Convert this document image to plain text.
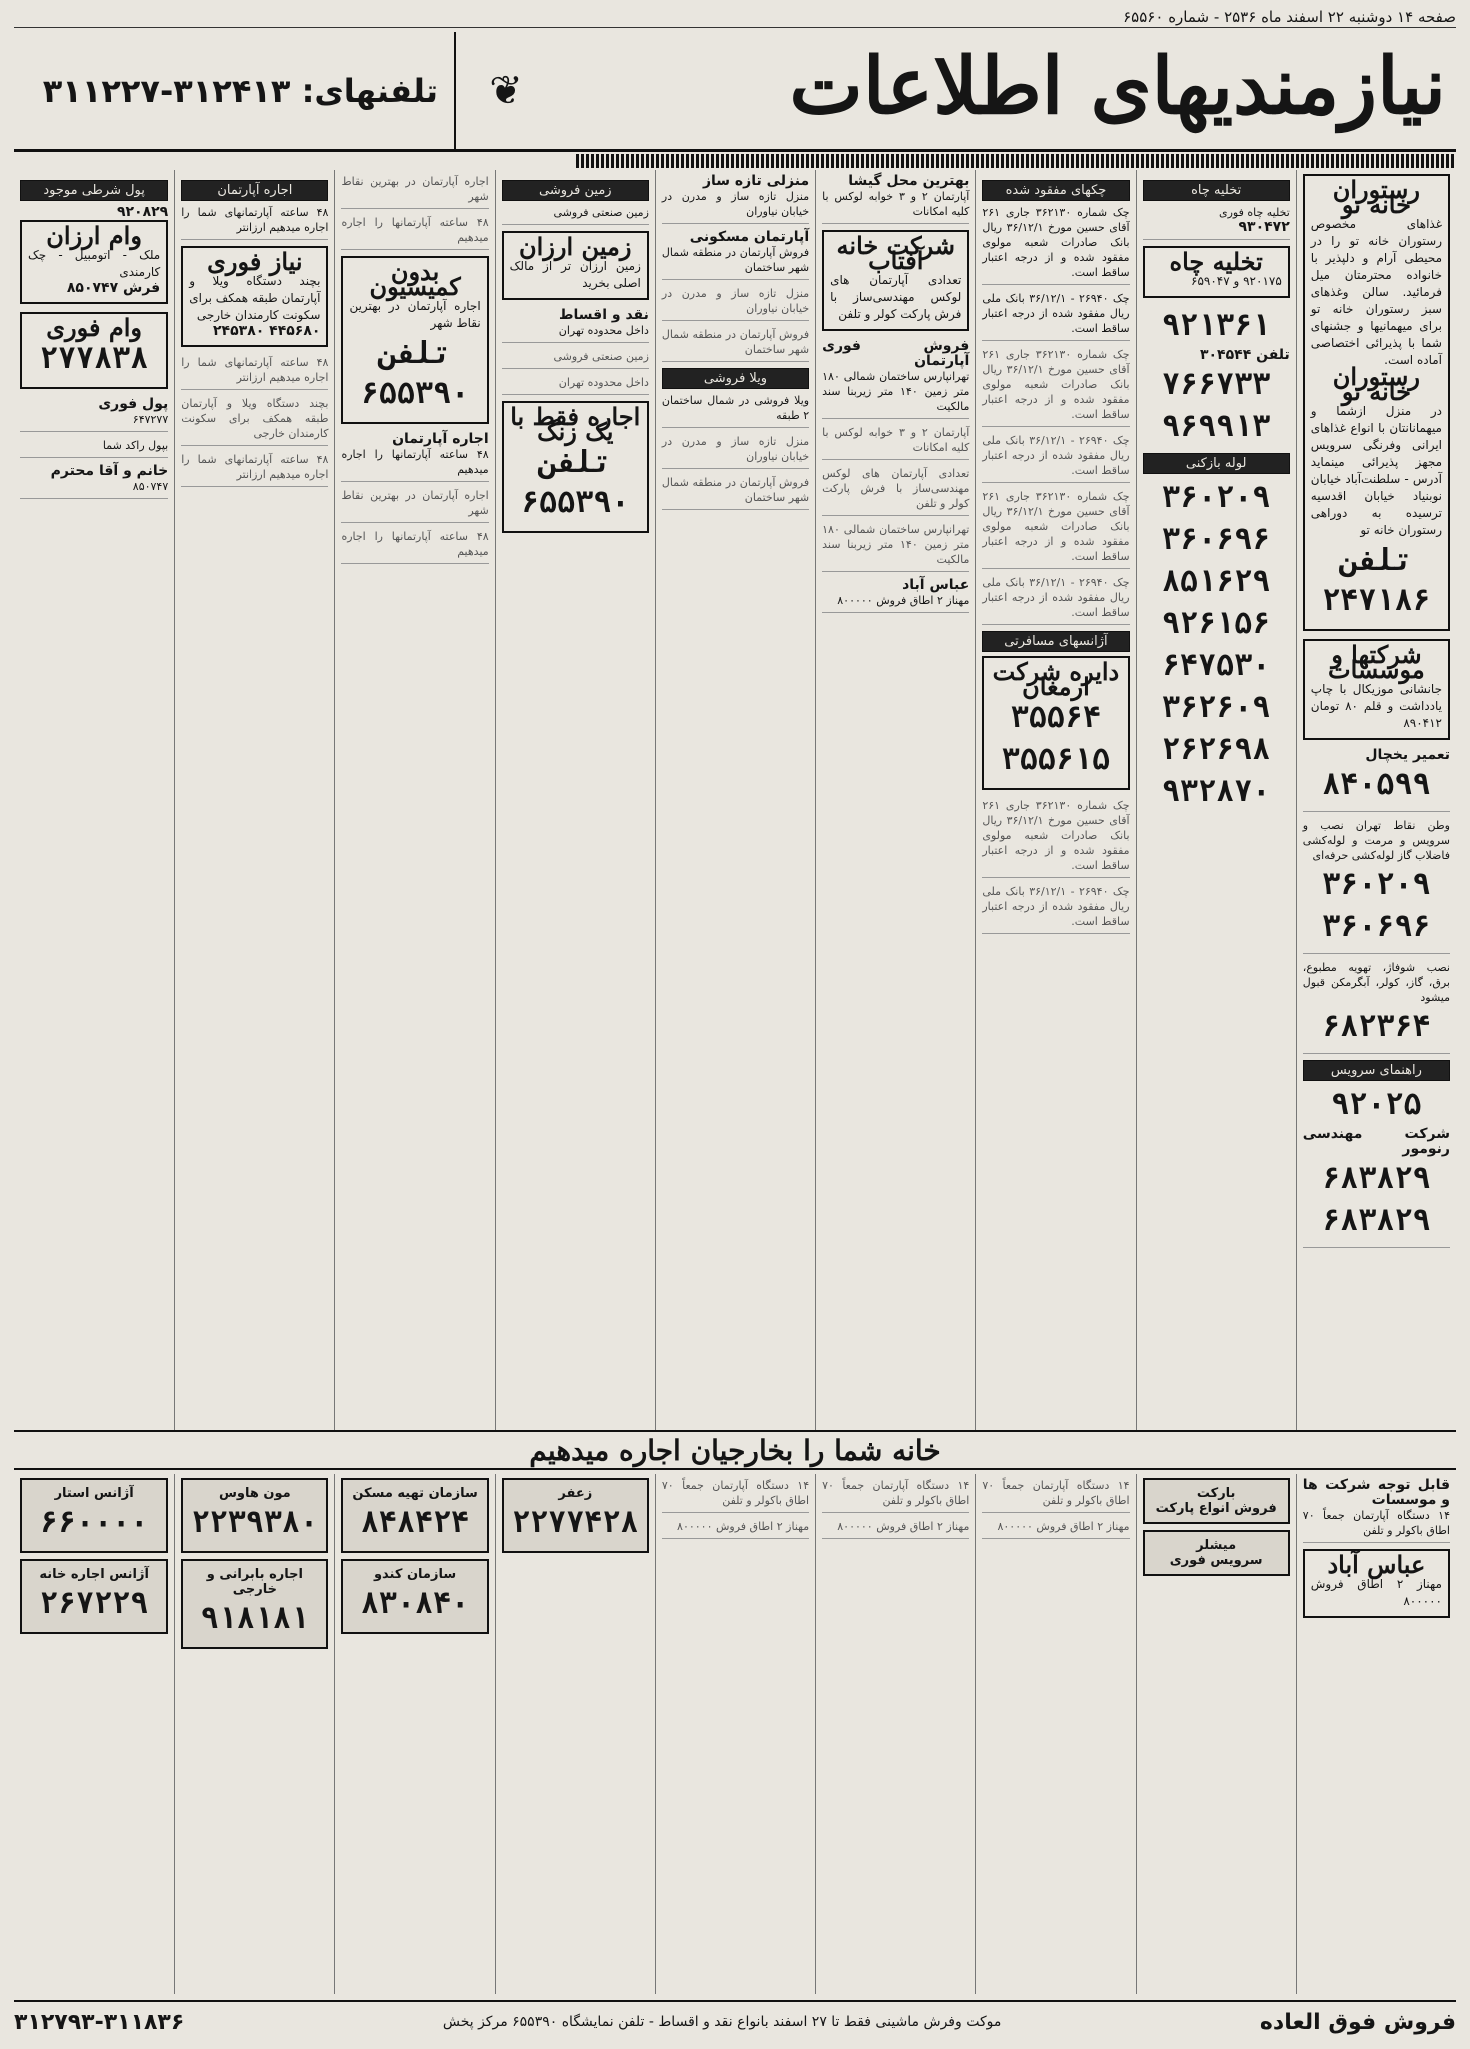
صفحه ۱۴ دوشنبه ۲۲ اسفند ماه ۲۵۳۶ - شماره ۶۵۵۶۰
نیازمندیهای اطلاعات
❦
تلفنهای: ۳۱۲۴۱۳-۳۱۱۲۲۷
رستوران خانه تو
غذاهای مخصوص رستوران خانه تو را در محیطی آرام و دلپذیر با خانواده محترمتان میل فرمائید. سالن وغذهای سبز رستوران خانه تو برای میهمانیها و جشنهای شما با پذیرائی اختصاصی آماده است.
رستوران خانه تو
در منزل ازشما و میهمانانتان با انواع غذاهای ایرانی وفرنگی سرویس مجهز پذیرائی مینماید آدرس - سلطنت‌آباد خیابان نوبنیاد خیابان اقدسیه ترسیده به دوراهی رستوران خانه تو
تلفن ۲۴۷۱۸۶
شرکتها و موسسات
جانشانی موزیکال با چاپ یادداشت و قلم ۸۰ تومان ۸۹۰۴۱۲
تعمیر یخچال
۸۴۰۵۹۹
وطن نقاط تهران نصب و سرویس و مرمت و لوله‌کشی فاضلاب گاز لوله‌کشی حرفه‌ای
۳۶۰۲۰۹
۳۶۰۶۹۶
نصب شوفاژ، تهویه مطبوع، برق، گاز، کولر، آبگرمکن قبول میشود
۶۸۲۳۶۴
راهنمای سرویس
۹۲۰۲۵
شرکت مهندسی رنومور
۶۸۳۸۲۹
۶۸۳۸۲۹
تخلیه چاه
تخلیه چاه فوری
۹۳۰۴۷۲
تخلیه چاه
۹۲۰۱۷۵ و ۶۵۹۰۴۷
۹۲۱۳۶۱
تلفن ۳۰۴۵۴۴
۷۶۶۷۳۳
۹۶۹۹۱۳
لوله بازکنی
۳۶۰۲۰۹
۳۶۰۶۹۶
۸۵۱۶۲۹
۹۲۶۱۵۶
۶۴۷۵۳۰
۳۶۲۶۰۹
۲۶۲۶۹۸
۹۳۲۸۷۰
چکهای مفقود شده
چک شماره ۳۶۲۱۳۰ جاری ۲۶۱ آقای حسین مورخ ۳۶/۱۲/۱ ریال بانک صادرات شعبه مولوی مفقود شده و از درجه اعتبار ساقط است.
چک ۲۶۹۴۰ - ۳۶/۱۲/۱ بانک ملی ریال مفقود شده از درجه اعتبار ساقط است.
چک شماره ۳۶۲۱۳۰ جاری ۲۶۱ آقای حسین مورخ ۳۶/۱۲/۱ ریال بانک صادرات شعبه مولوی مفقود شده و از درجه اعتبار ساقط است.
چک ۲۶۹۴۰ - ۳۶/۱۲/۱ بانک ملی ریال مفقود شده از درجه اعتبار ساقط است.
چک شماره ۳۶۲۱۳۰ جاری ۲۶۱ آقای حسین مورخ ۳۶/۱۲/۱ ریال بانک صادرات شعبه مولوی مفقود شده و از درجه اعتبار ساقط است.
چک ۲۶۹۴۰ - ۳۶/۱۲/۱ بانک ملی ریال مفقود شده از درجه اعتبار ساقط است.
آژانسهای مسافرتی
دایره شرکت ارمغان
۳۵۵۶۴
۳۵۵۶۱۵
چک شماره ۳۶۲۱۳۰ جاری ۲۶۱ آقای حسین مورخ ۳۶/۱۲/۱ ریال بانک صادرات شعبه مولوی مفقود شده و از درجه اعتبار ساقط است.
چک ۲۶۹۴۰ - ۳۶/۱۲/۱ بانک ملی ریال مفقود شده از درجه اعتبار ساقط است.
بهترین محل گیشا
آپارتمان ۲ و ۳ خوابه لوکس با کلیه امکانات
شرکت خانه آفتاب
تعدادی آپارتمان های لوکس مهندسی‌ساز با فرش پارکت کولر و تلفن
فروش فوری آپارتمان
تهرانپارس ساختمان شمالی ۱۸۰ متر زمین ۱۴۰ متر زیربنا سند مالکیت
آپارتمان ۲ و ۳ خوابه لوکس با کلیه امکانات
تعدادی آپارتمان های لوکس مهندسی‌ساز با فرش پارکت کولر و تلفن
تهرانپارس ساختمان شمالی ۱۸۰ متر زمین ۱۴۰ متر زیربنا سند مالکیت
عباس آباد
مهناز ۲ اطاق فروش ۸۰۰۰۰۰
منزلی تازه ساز
منزل تازه ساز و مدرن در خیابان نیاوران
آپارتمان مسکونی
فروش آپارتمان در منطقه شمال شهر ساختمان
منزل تازه ساز و مدرن در خیابان نیاوران
فروش آپارتمان در منطقه شمال شهر ساختمان
ویلا فروشی
ویلا فروشی در شمال ساختمان ۲ طبقه
منزل تازه ساز و مدرن در خیابان نیاوران
فروش آپارتمان در منطقه شمال شهر ساختمان
زمین فروشی
زمین صنعتی فروشی
زمین ارزان
زمین ارزان تر از مالک اصلی بخرید
نقد و اقساط
داخل محدوده تهران
زمین صنعتی فروشی
داخل محدوده تهران
اجاره فقط با یک زنگ
تلفن ۶۵۵۳۹۰
اجاره آپارتمان در بهترین نقاط شهر
۴۸ ساعته آپارتمانها را اجاره میدهیم
بدون کمیسیون
اجاره آپارتمان در بهترین نقاط شهر
تلفن ۶۵۵۳۹۰
اجاره آپارتمان
۴۸ ساعته آپارتمانها را اجاره میدهیم
اجاره آپارتمان در بهترین نقاط شهر
۴۸ ساعته آپارتمانها را اجاره میدهیم
اجاره آپارتمان
۴۸ ساعته آپارتمانهای شما را اجاره میدهیم ارزانتر
نیاز فوری
بچند دستگاه ویلا و آپارتمان طبقه همکف برای سکونت کارمندان خارجی
۴۴۵۶۸۰ ۲۴۵۳۸۰
۴۸ ساعته آپارتمانهای شما را اجاره میدهیم ارزانتر
بچند دستگاه ویلا و آپارتمان طبقه همکف برای سکونت کارمندان خارجی
۴۸ ساعته آپارتمانهای شما را اجاره میدهیم ارزانتر
پول شرطی موجود
۹۲۰۸۲۹
وام ارزان
ملک - اتومبیل - چک کارمندی
فرش ۸۵۰۷۴۷
وام فوری
۲۷۷۸۳۸
پول فوری
۶۴۷۲۷۷
بپول راکد شما
خانم و آقا محترم
۸۵۰۷۴۷
خانه شما را بخارجیان اجاره میدهیم
قابل توجه شرکت ها و موسسات
۱۴ دستگاه آپارتمان جمعاً ۷۰ اطاق باکولر و تلفن
عباس آباد
مهناز ۲ اطاق فروش ۸۰۰۰۰۰
بارکت
فروش انواع پارکت
میشلر
سرویس فوری
۱۴ دستگاه آپارتمان جمعاً ۷۰ اطاق باکولر و تلفن
مهناز ۲ اطاق فروش ۸۰۰۰۰۰
۱۴ دستگاه آپارتمان جمعاً ۷۰ اطاق باکولر و تلفن
مهناز ۲ اطاق فروش ۸۰۰۰۰۰
۱۴ دستگاه آپارتمان جمعاً ۷۰ اطاق باکولر و تلفن
مهناز ۲ اطاق فروش ۸۰۰۰۰۰
زعفر
۲۲۷۷۴۲۸
سازمان تهیه مسکن
۸۴۸۴۲۴
سازمان کندو
۸۳۰۸۴۰
مون هاوس
۲۲۳۹۳۸۰
اجاره بابرانی و خارجی
۹۱۸۱۸۱
آژانس استار
۶۶۰۰۰۰
آژانس اجاره خانه
۲۶۷۲۲۹
فروش فوق العاده
موکت وفرش ماشینی فقط تا ۲۷ اسفند بانواع نقد و اقساط - تلفن نمایشگاه ۶۵۵۳۹۰ مرکز پخش
۳۱۲۷۹۳-۳۱۱۸۳۶
